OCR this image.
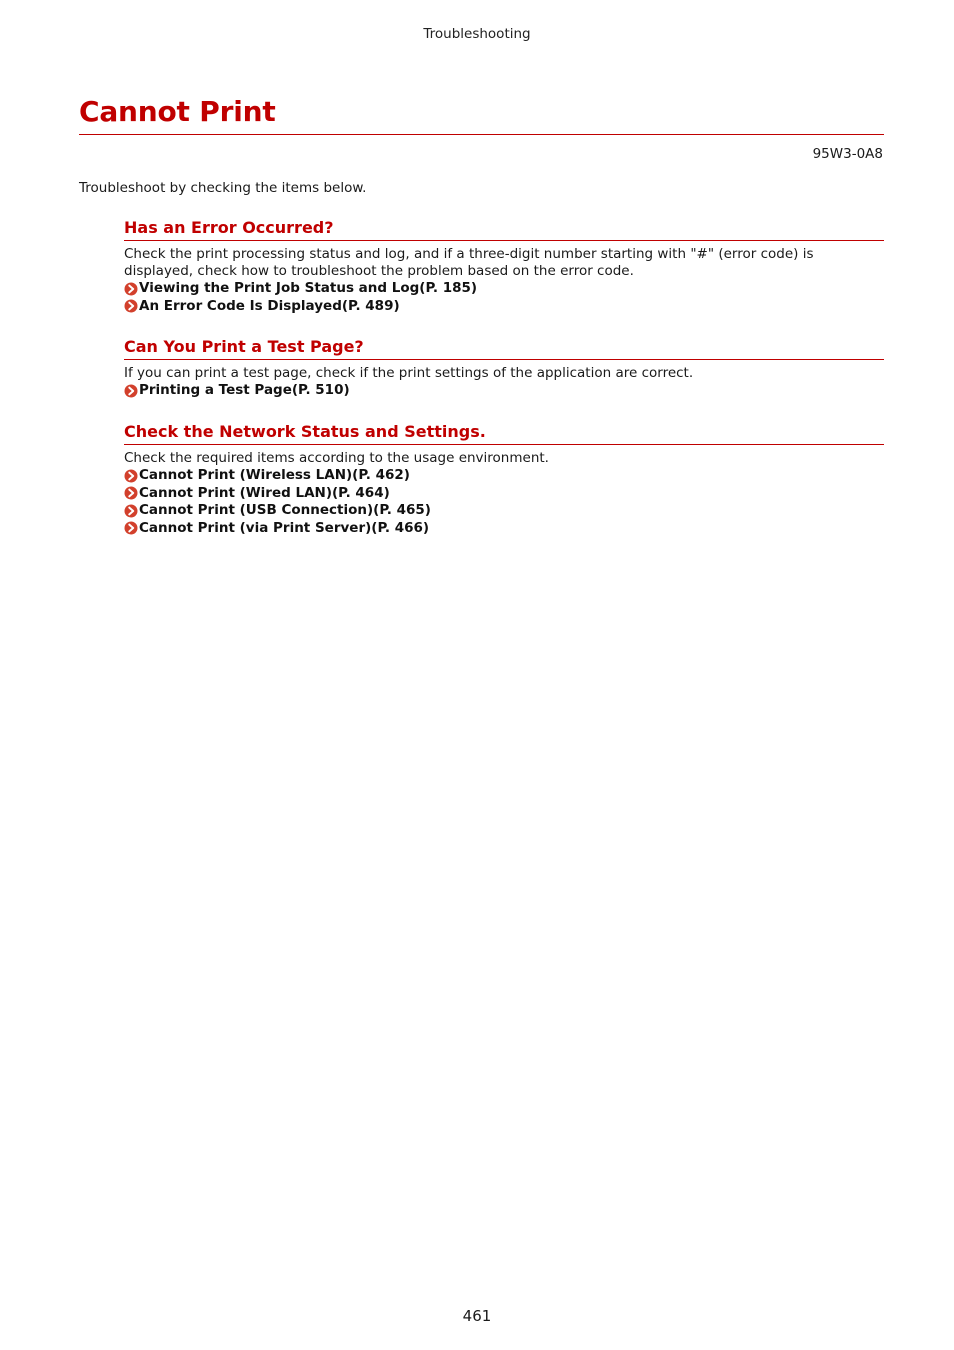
Troubleshooting
Cannot Print
95W3-0A8
Troubleshoot by checking the items below.
Has an Error Occurred?

Check the print processing status and log, and if a three-digit number starting with "#" (error code) is displayed, check how to troubleshoot the problem based on the error code.

Viewing the Print Job Status and Log(P. 185)
An Error Code Is Displayed(P. 489)
Can You Print a Test Page?

If you can print a test page, check if the print settings of the application are correct.

Printing a Test Page(P. 510)
Check the Network Status and Settings.

Check the required items according to the usage environment.

Cannot Print (Wireless LAN)(P. 462)
Cannot Print (Wired LAN)(P. 464)
Cannot Print (USB Connection)(P. 465)
Cannot Print (via Print Server)(P. 466)
461
